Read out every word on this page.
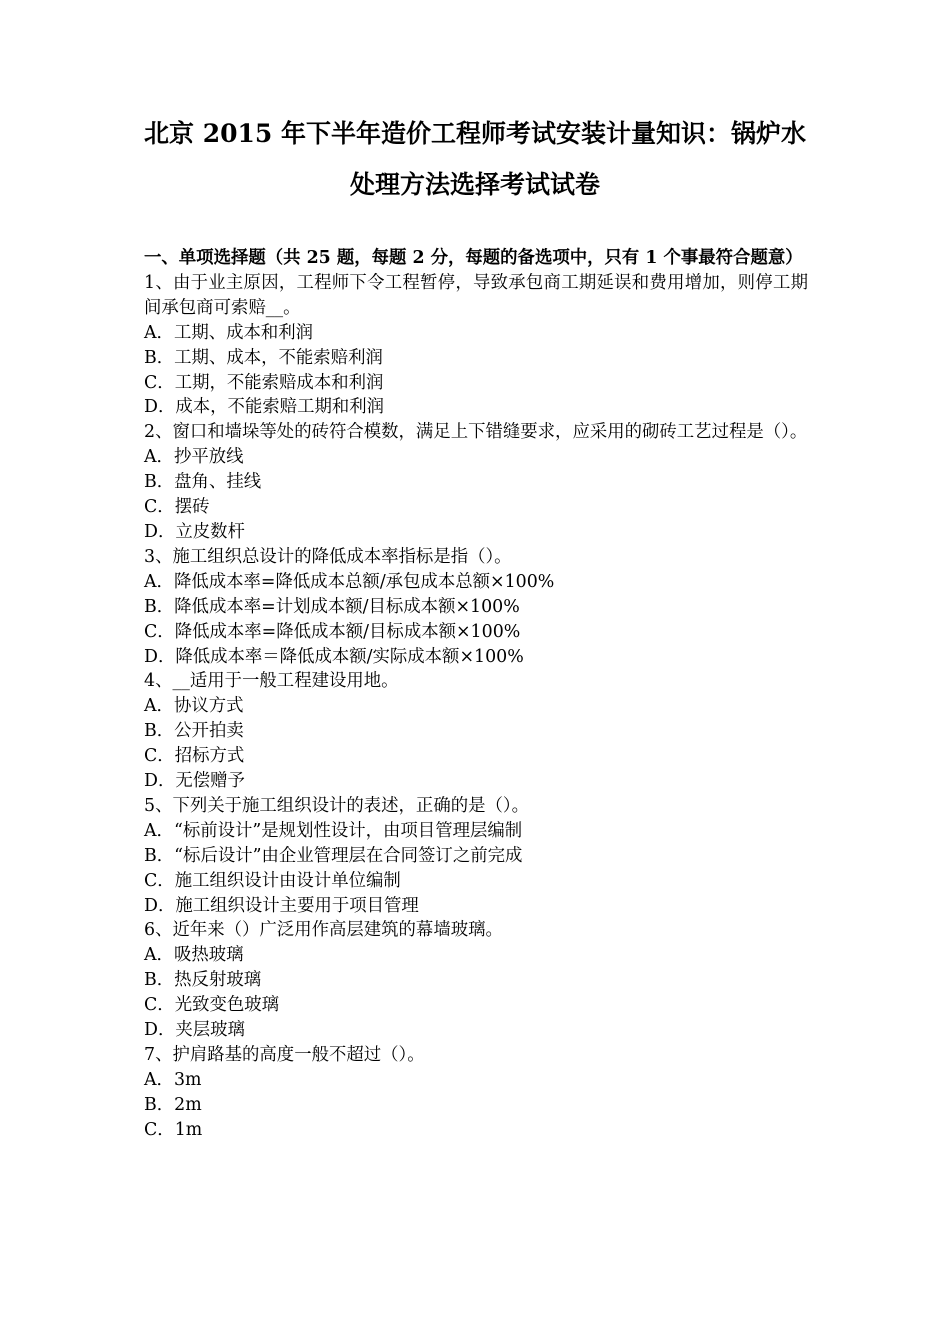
北京 2015 年下半年造价工程师考试安装计量知识：锅炉水
处理方法选择考试试卷
一、单项选择题（共 25 题，每题 2 分，每题的备选项中，只有 1 个事最符合题意）
1、由于业主原因，工程师下令工程暂停，导致承包商工期延误和费用增加，则停工期间承包商可索赔__。
A．工期、成本和利润
B．工期、成本，不能索赔利润
C．工期，不能索赔成本和利润
D．成本，不能索赔工期和利润
2、窗口和墙垛等处的砖符合模数，满足上下错缝要求，应采用的砌砖工艺过程是（）。
A．抄平放线
B．盘角、挂线
C．摆砖
D．立皮数杆
3、施工组织总设计的降低成本率指标是指（）。
A．降低成本率=降低成本总额/承包成本总额×100%
B．降低成本率=计划成本额/目标成本额×100%
C．降低成本率=降低成本额/目标成本额×100%
D．降低成本率＝降低成本额/实际成本额×100%
4、__适用于一般工程建设用地。
A．协议方式
B．公开拍卖
C．招标方式
D．无偿赠予
5、下列关于施工组织设计的表述，正确的是（）。
A．“标前设计”是规划性设计，由项目管理层编制
B．“标后设计”由企业管理层在合同签订之前完成
C．施工组织设计由设计单位编制
D．施工组织设计主要用于项目管理
6、近年来（）广泛用作高层建筑的幕墙玻璃。
A．吸热玻璃
B．热反射玻璃
C．光致变色玻璃
D．夹层玻璃
7、护肩路基的高度一般不超过（）。
A．3m
B．2m
C．1m
